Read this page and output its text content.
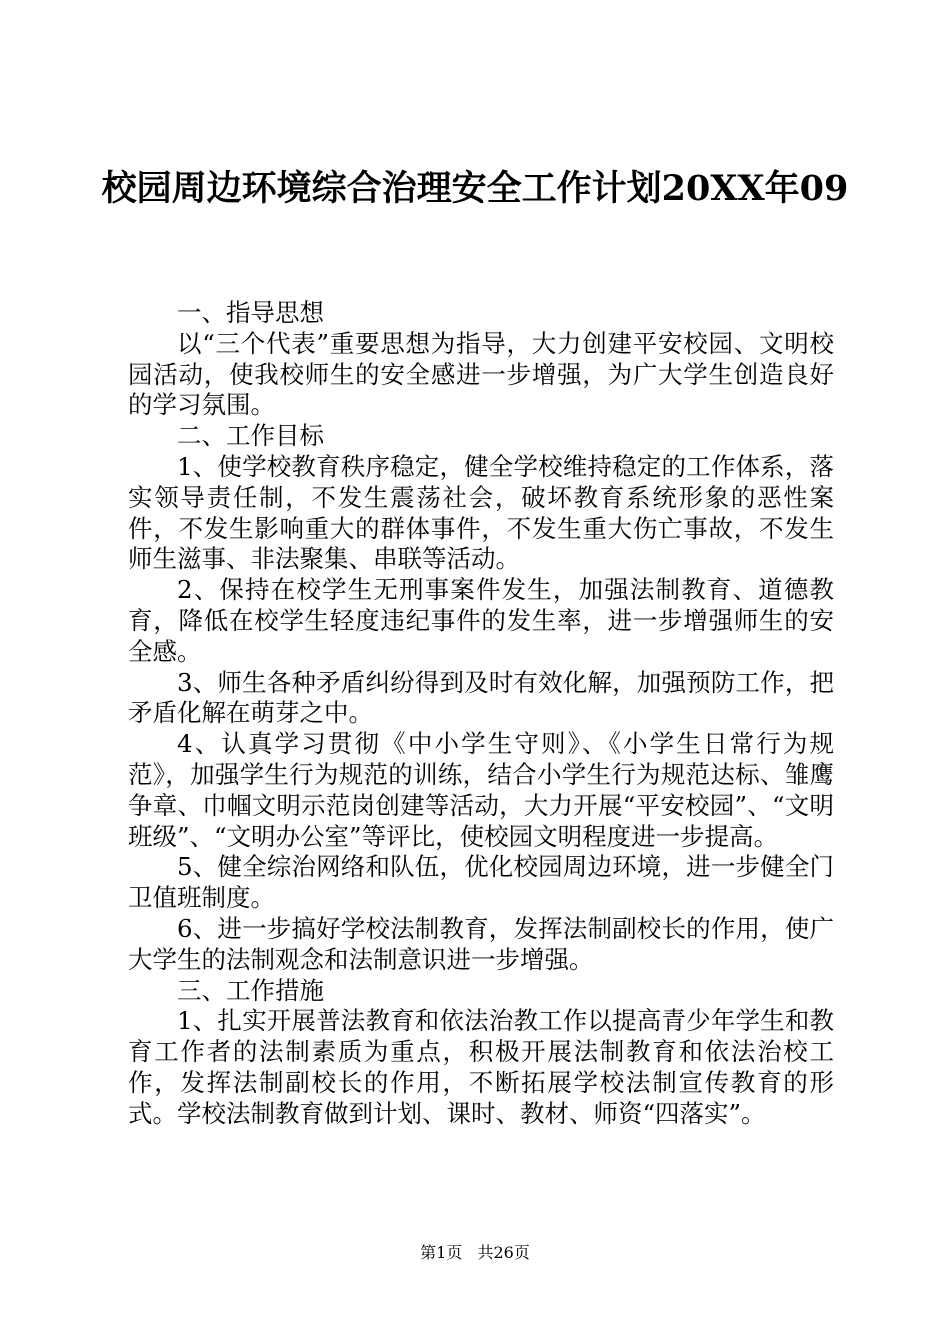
校园周边环境综合治理安全工作计划20XX年09

一、指导思想

以“三个代表”重要思想为指导，大力创建平安校园、文明校园活动，使我校师生的安全感进一步增强，为广大学生创造良好的学习氛围。

二、工作目标

1、使学校教育秩序稳定，健全学校维持稳定的工作体系，落实领导责任制，不发生震荡社会，破坏教育系统形象的恶性案件，不发生影响重大的群体事件，不发生重大伤亡事故，不发生师生滋事、非法聚集、串联等活动。

2、保持在校学生无刑事案件发生，加强法制教育、道德教育，降低在校学生轻度违纪事件的发生率，进一步增强师生的安全感。

3、师生各种矛盾纠纷得到及时有效化解，加强预防工作，把矛盾化解在萌芽之中。

4、认真学习贯彻《中小学生守则》、《小学生日常行为规范》，加强学生行为规范的训练，结合小学生行为规范达标、雏鹰争章、巾帼文明示范岗创建等活动，大力开展“平安校园”、“文明班级”、“文明办公室”等评比，使校园文明程度进一步提高。

5、健全综治网络和队伍，优化校园周边环境，进一步健全门卫值班制度。

6、进一步搞好学校法制教育，发挥法制副校长的作用，使广大学生的法制观念和法制意识进一步增强。

三、工作措施

1、扎实开展普法教育和依法治教工作以提高青少年学生和教育工作者的法制素质为重点，积极开展法制教育和依法治校工作，发挥法制副校长的作用，不断拓展学校法制宣传教育的形式。学校法制教育做到计划、课时、教材、师资“四落实”。

第1页 共26页
